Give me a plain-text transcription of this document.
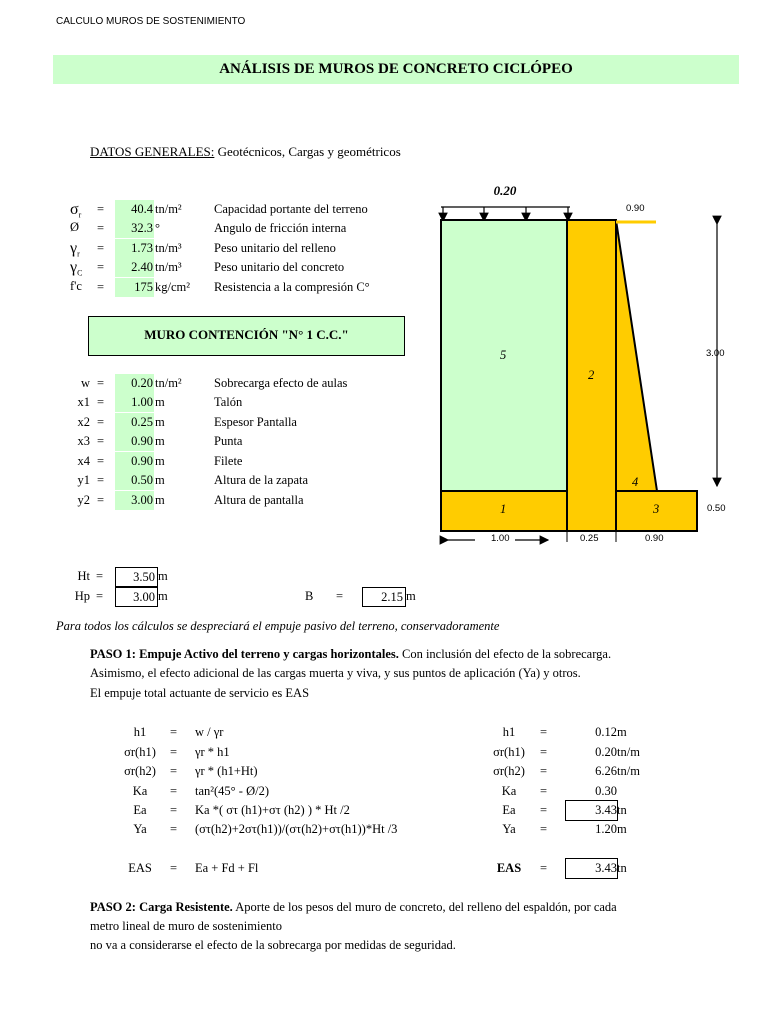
CALCULO MUROS DE SOSTENIMIENTO
ANÁLISIS DE MUROS DE CONCRETO CICLÓPEO
DATOS GENERALES: Geotécnicos, Cargas y geométricos
$\sigma_r$	=	40.4 tn/m²	Capacidad portante del terreno
Ø	=	32.3 °	Angulo de fricción interna
$\gamma_r$	=	1.73 tn/m³	Peso unitario del relleno
$\gamma_C$	=	2.40 tn/m³	Peso unitario del concreto
f'c	=	175 kg/cm² Resistencia a la compresión C°
MURO CONTENCIÓN "N° 1 C.C."
w =	0.20 tn/m²	Sobrecarga efecto de aulas
x1 =	1.00 m	Talón
x2 =	0.25 m	Espesor Pantalla
x3 =	0.90 m	Punta
x4 =	0.90 m	Filete
y1 =	0.50 m	Altura de la zapata
y2 =	3.00 m	Altura de pantalla
Ht =	3.50 m
Hp =	3.00 m	B =	2.15 m
0.20
0.90
3.00
0.50
1.00	0.25	0.90
5
2
4
1	3
Para todos los cálculos se despreciará el empuje pasivo del terreno, conservadoramente
PASO 1: Empuje Activo del terreno y cargas horizontales. Con inclusión del efecto de la sobrecarga.
Asimismo, el efecto adicional de las cargas muerta y viva, y sus puntos de aplicación (Ya) y otros.
El empuje total actuante de servicio es EAS
h1	= w / γr	h1	=	0.12 m
σr(h1)	= γr * h1	σr(h1)	=	0.20 tn/m
σr(h2)	= γr * (h1+Ht)	σr(h2)	=	6.26 tn/m
Ka	= tan²(45° - Ø/2)	Ka	=	0.30
Ea	= Ka *( στ (h1)+στ (h2) ) * Ht /2	Ea	=	3.43 tn
Ya	= (στ(h2)+2στ(h1))/(στ(h2)+στ(h1))*Ht /3	Ya	=	1.20 m
EAS	= Ea + Fd + Fl	EAS	=	3.43 tn
PASO 2: Carga Resistente. Aporte de los pesos del muro de concreto, del relleno del espaldón, por cada
metro lineal de muro de sostenimiento
no va a considerarse el efecto de la sobrecarga por medidas de seguridad.
